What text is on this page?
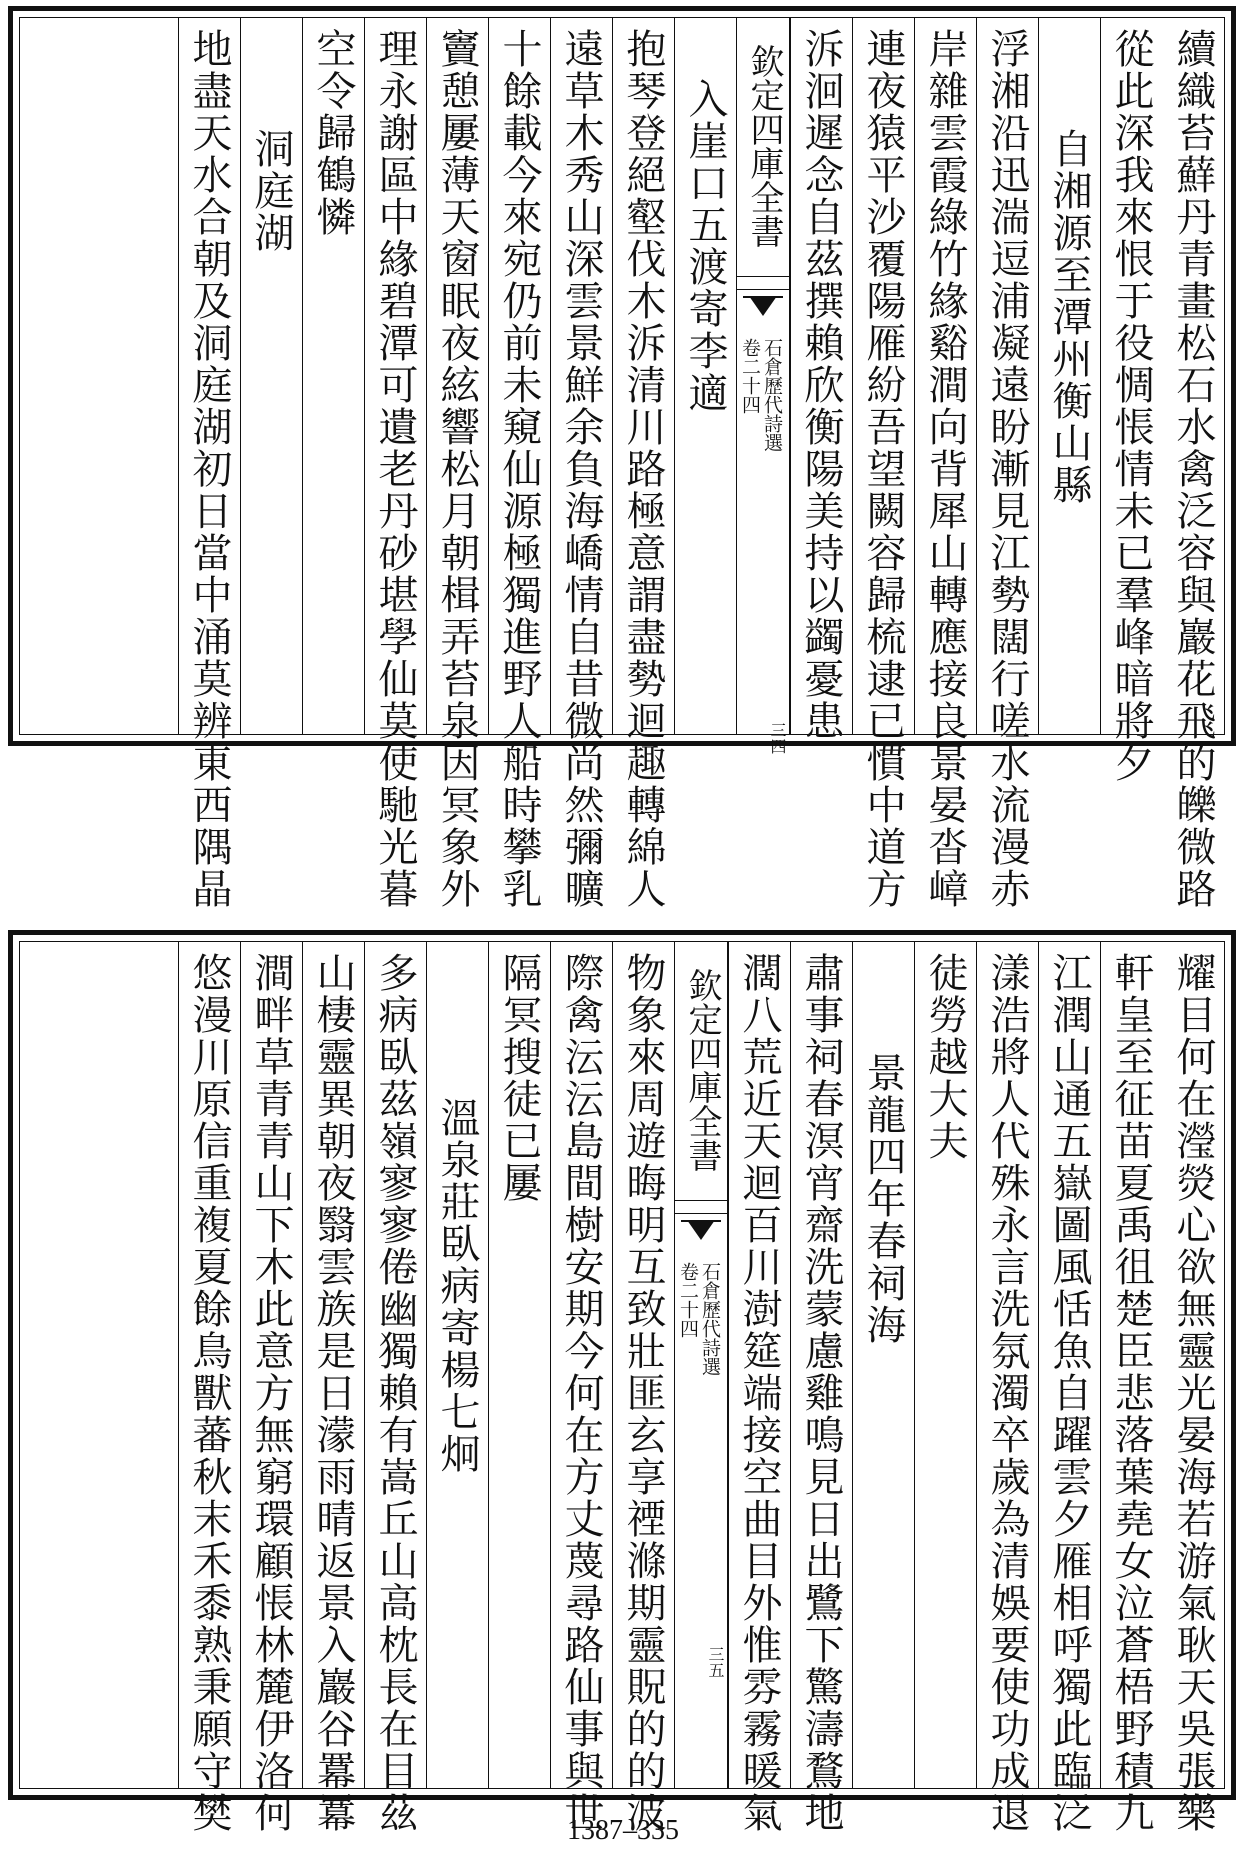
續織苔蘚丹青畫松石水禽泛容與巖花飛的皪微路
從此深我來恨于役惆悵情未已羣峰暗將夕
自湘源至潭州衡山縣
浮湘沿迅湍逗浦凝遠盼漸見江勢闊行嗟水流漫赤
岸雜雲霞綠竹緣谿澗向背犀山轉應接良景晏沓嶂
連夜猿平沙覆陽雁紛吾望闕容歸梳逮已慣中道方
泝洄遲念自茲撰賴欣衡陽美持以蠲憂患
欽定四庫全書
石倉歷代詩選
卷二十四
三四
入崖口五渡寄李適
抱琴登絕壑伐木泝清川路極意謂盡勢迴趣轉綿人
遠草木秀山深雲景鮮余負海嶠情自昔微尚然彌曠
十餘載今來宛仍前未窺仙源極獨進野人船時攀乳
竇憩屢薄天窗眠夜絃響松月朝楫弄苔泉因冥象外
理永謝區中緣碧潭可遺老丹砂堪學仙莫使馳光暮
空令歸鶴憐
洞庭湖
地盡天水合朝及洞庭湖初日當中涌莫辨東西隅晶
耀目何在瀅熒心欲無靈光晏海若游氣耿天吳張樂
軒皇至征苗夏禹徂楚臣悲落葉堯女泣蒼梧野積九
江潤山通五嶽圖風恬魚自躍雲夕雁相呼獨此臨泛
漾浩將人代殊永言洗氛濁卒歲為清娛要使功成退
徒勞越大夫
景龍四年春祠海
肅事祠春溟宵齋洗蒙慮雞鳴見日出鷺下驚濤鶩地
濶八荒近天迴百川澍筵端接空曲目外惟雰霧暖氣
欽定四庫全書
石倉歷代詩選
卷二十四
三五
物象來周遊晦明互致壯匪玄享禋滌期靈貺的的波
際禽沄沄島間樹安期今何在方丈蔑尋路仙事與世
隔冥搜徒已屢
溫泉莊臥病寄楊七炯
多病臥茲嶺寥寥倦幽獨賴有嵩丘山高枕長在目茲
山棲靈異朝夜翳雲族是日濛雨晴返景入巖谷羃羃
澗畔草青青山下木此意方無窮環顧悵林麓伊洛何
悠漫川原信重複夏餘鳥獸蕃秋末禾黍熟秉願守樊	1387–335
